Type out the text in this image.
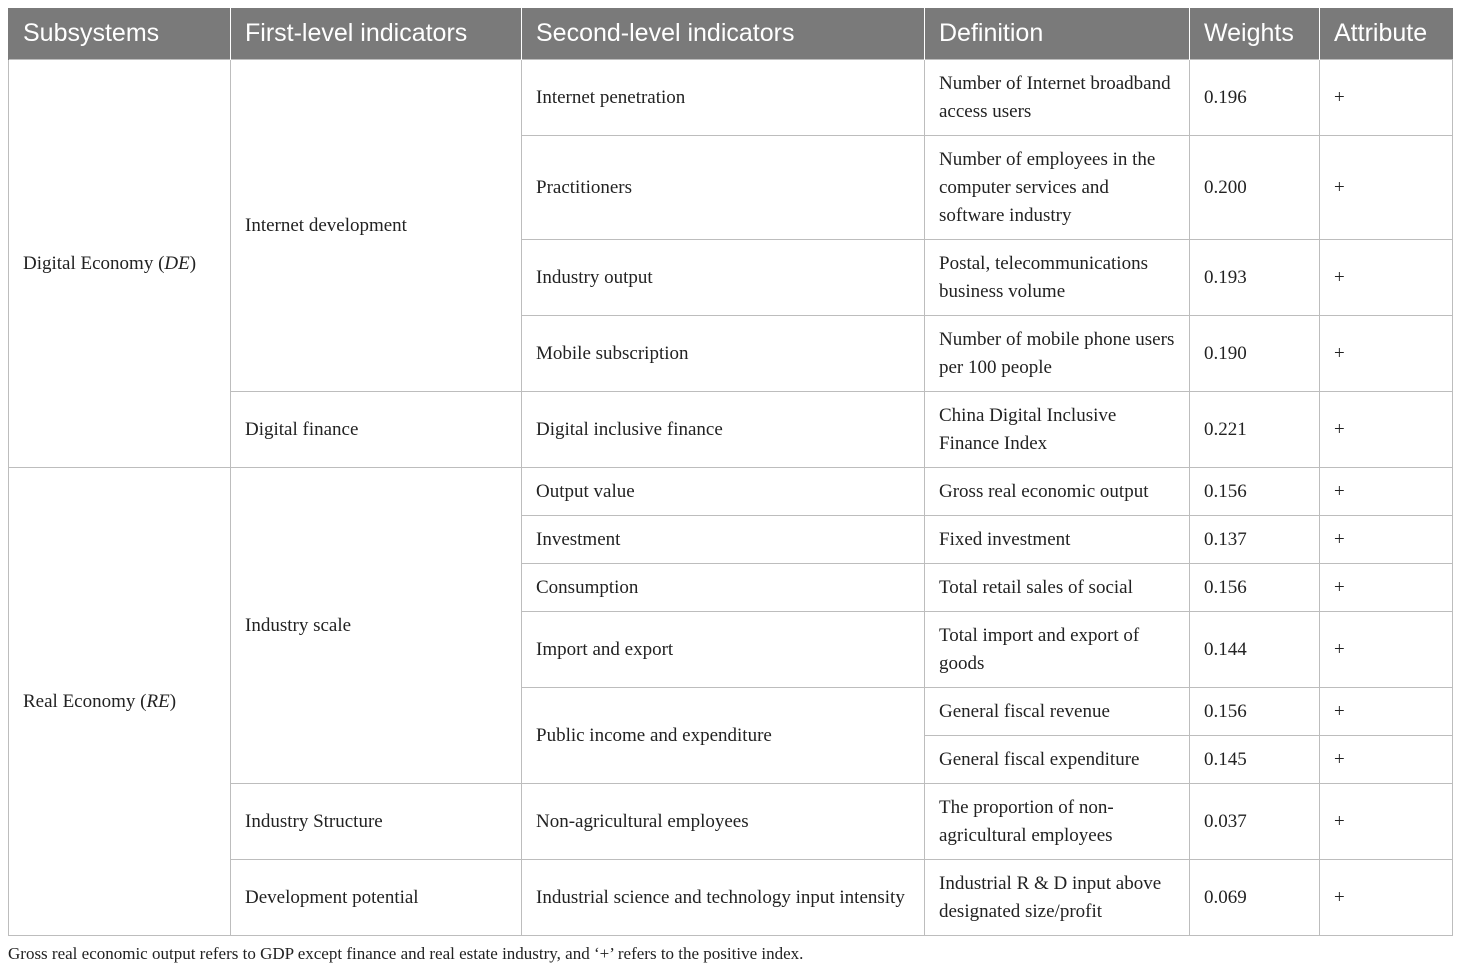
Subsystems	First-level indicators	Second-level indicators	Definition	Weights	Attribute
Digital Economy (DE)	Internet development	Internet penetration	Number of Internet broadband access users	0.196	+
		Practitioners	Number of employees in the computer services and software industry	0.200	+
		Industry output	Postal, telecommunications business volume	0.193	+
		Mobile subscription	Number of mobile phone users per 100 people	0.190	+
	Digital finance	Digital inclusive finance	China Digital Inclusive Finance Index	0.221	+
Real Economy (RE)	Industry scale	Output value	Gross real economic output	0.156	+
		Investment	Fixed investment	0.137	+
		Consumption	Total retail sales of social	0.156	+
		Import and export	Total import and export of goods	0.144	+
		Public income and expenditure	General fiscal revenue	0.156	+
			General fiscal expenditure	0.145	+
	Industry Structure	Non-agricultural employees	The proportion of non-agricultural employees	0.037	+
	Development potential	Industrial science and technology input intensity	Industrial R & D input above designated size/profit	0.069	+
Gross real economic output refers to GDP except finance and real estate industry, and ‘+’ refers to the positive index.
